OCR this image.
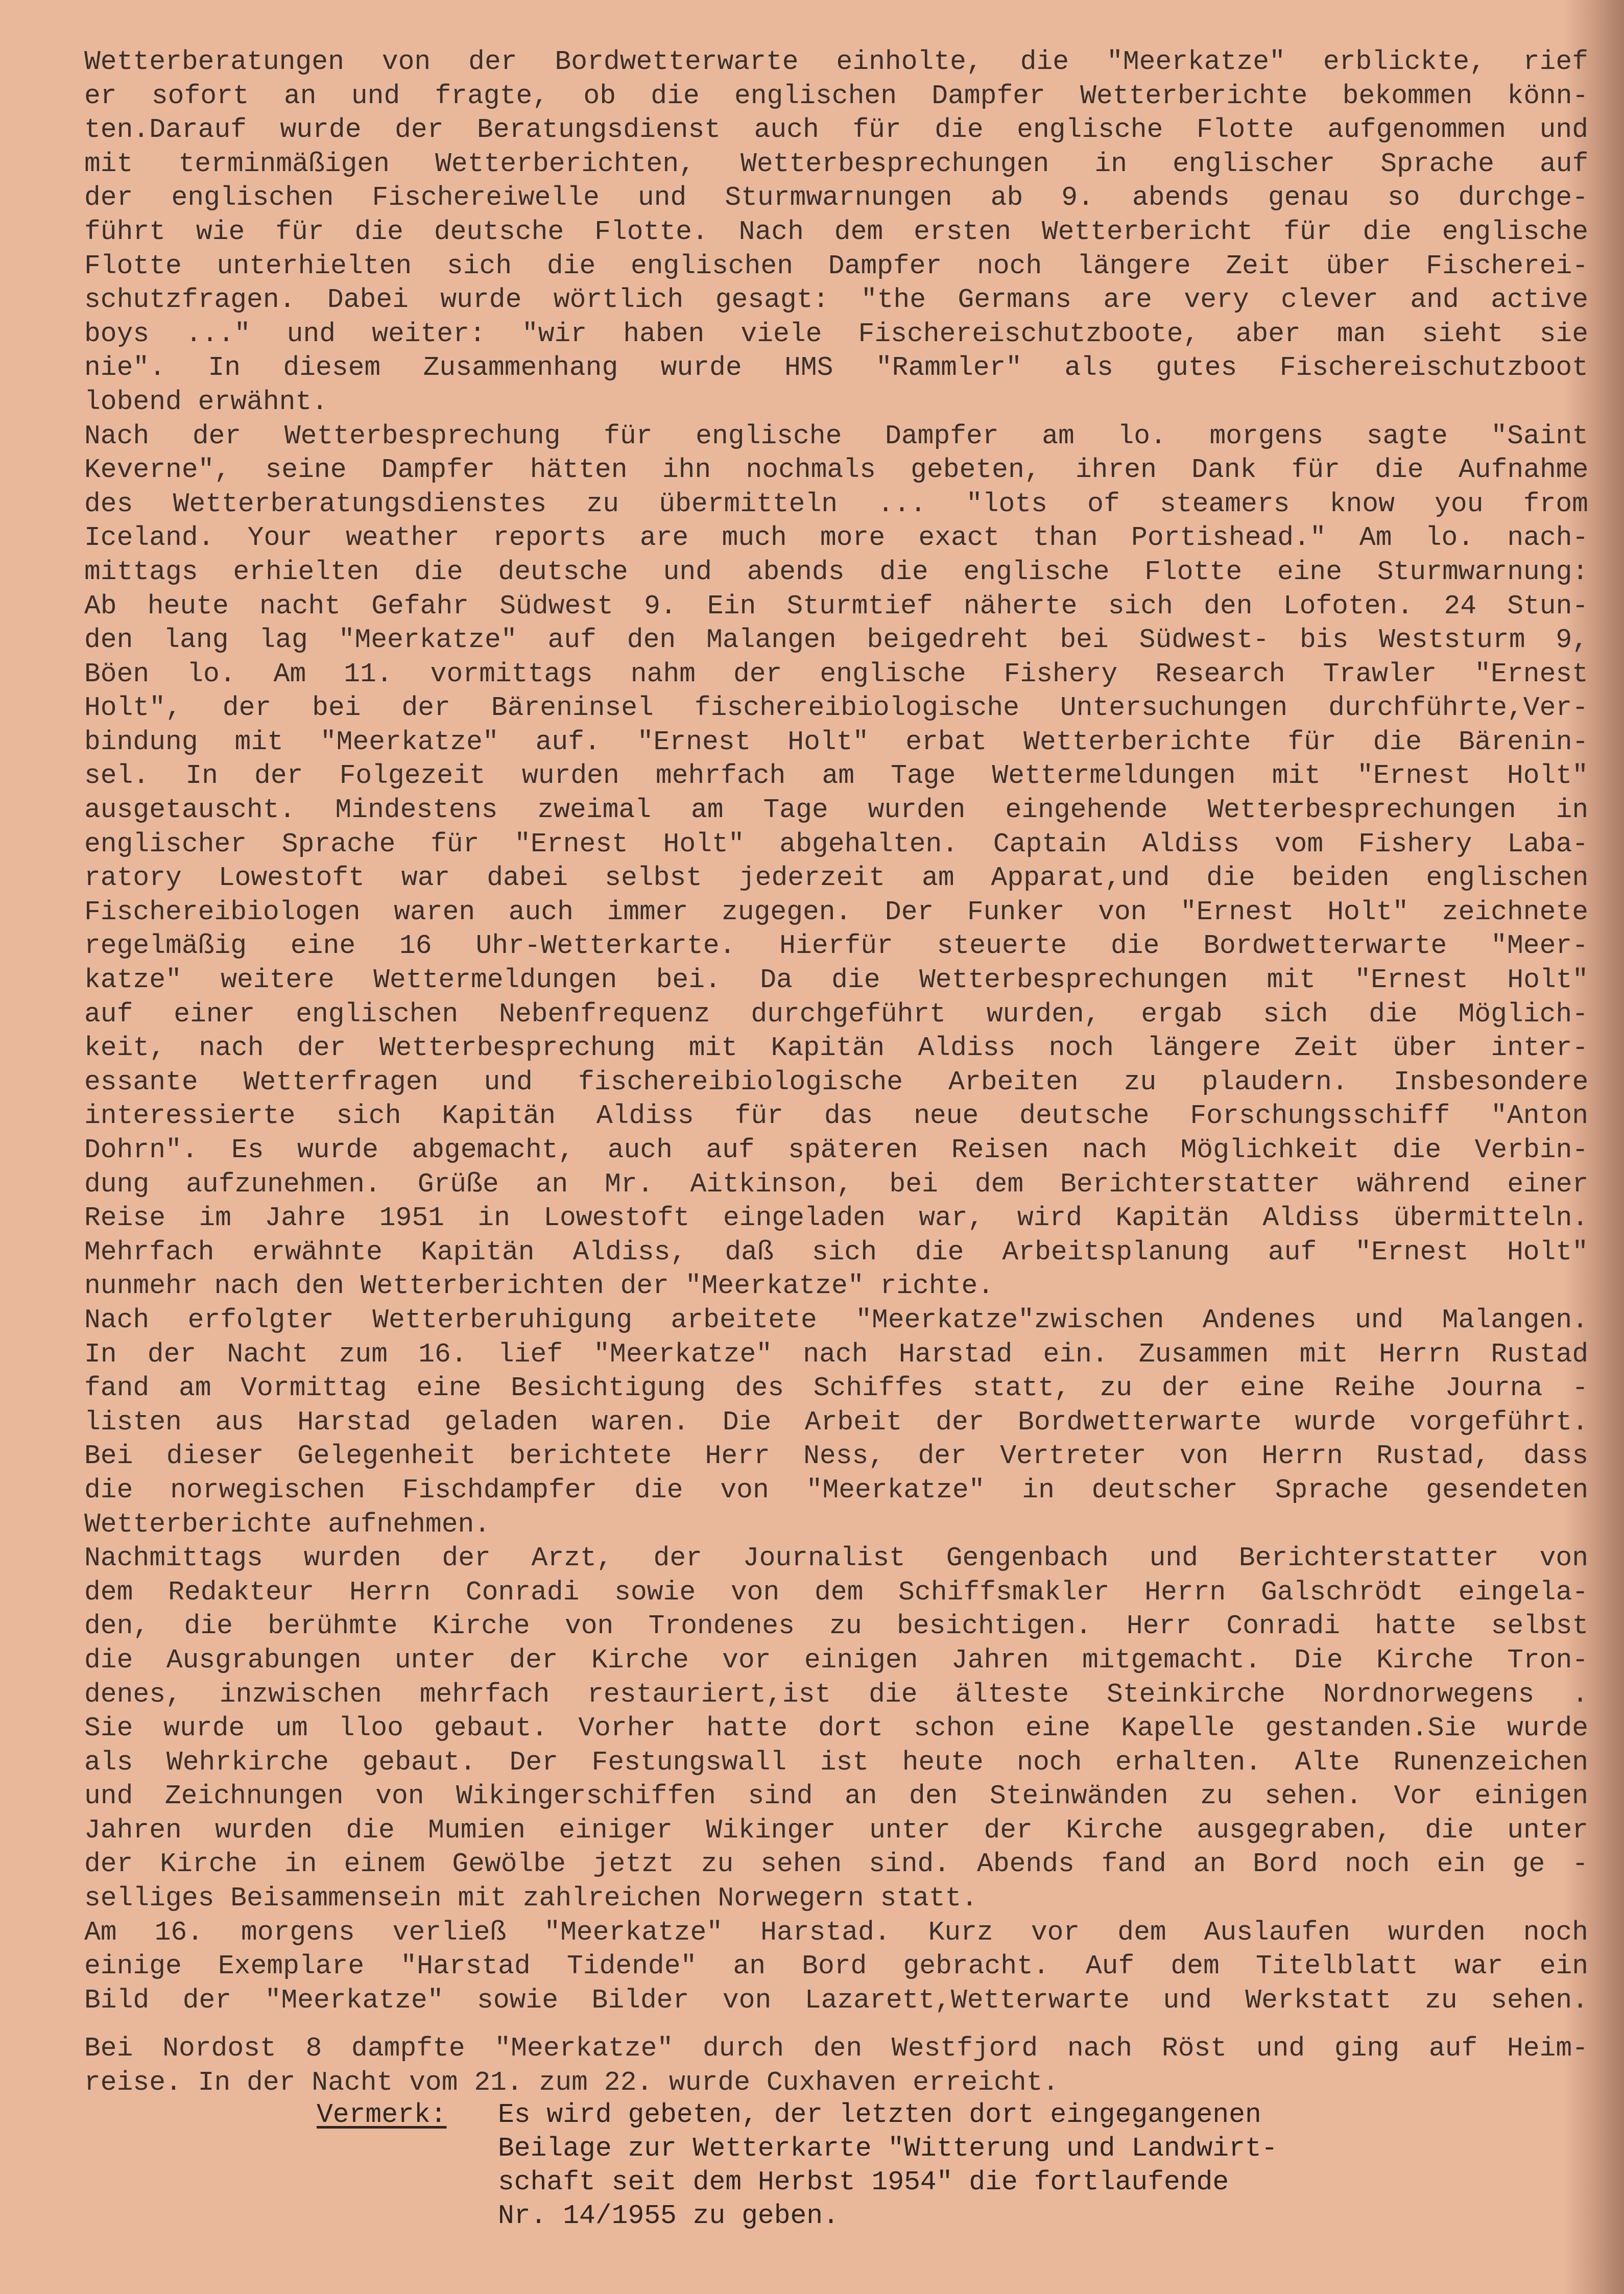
Wetterberatungen von der Bordwetterwarte einholte, die "Meerkatze" erblickte, rief
er sofort an und fragte, ob die englischen Dampfer Wetterberichte bekommen könn-
ten.Darauf wurde der Beratungsdienst auch für die englische Flotte aufgenommen und
mit terminmäßigen Wetterberichten, Wetterbesprechungen in englischer Sprache auf
der englischen Fischereiwelle und Sturmwarnungen ab 9. abends genau so durchge-
führt wie für die deutsche Flotte. Nach dem ersten Wetterbericht für die englische
Flotte unterhielten sich die englischen Dampfer noch längere Zeit über Fischerei-
schutzfragen. Dabei wurde wörtlich gesagt: "the Germans are very clever and active
boys ..." und weiter: "wir haben viele Fischereischutzboote, aber man sieht sie
nie". In diesem Zusammenhang wurde HMS "Rammler" als gutes Fischereischutzboot
lobend erwähnt.
Nach der Wetterbesprechung für englische Dampfer am lo. morgens sagte "Saint
Keverne", seine Dampfer hätten ihn nochmals gebeten, ihren Dank für die Aufnahme
des Wetterberatungsdienstes zu übermitteln ... "lots of steamers know you from
Iceland. Your weather reports are much more exact than Portishead." Am lo. nach-
mittags erhielten die deutsche und abends die englische Flotte eine Sturmwarnung:
Ab heute nacht Gefahr Südwest 9. Ein Sturmtief näherte sich den Lofoten. 24 Stun-
den lang lag "Meerkatze" auf den Malangen beigedreht bei Südwest- bis Weststurm 9,
Böen lo. Am 11. vormittags nahm der englische Fishery Research Trawler "Ernest
Holt", der bei der Bäreninsel fischereibiologische Untersuchungen durchführte,Ver-
bindung mit "Meerkatze" auf. "Ernest Holt" erbat Wetterberichte für die Bärenin-
sel. In der Folgezeit wurden mehrfach am Tage Wettermeldungen mit "Ernest Holt"
ausgetauscht. Mindestens zweimal am Tage wurden eingehende Wetterbesprechungen in
englischer Sprache für "Ernest Holt" abgehalten. Captain Aldiss vom Fishery Laba-
ratory Lowestoft war dabei selbst jederzeit am Apparat,und die beiden englischen
Fischereibiologen waren auch immer zugegen. Der Funker von "Ernest Holt" zeichnete
regelmäßig eine 16 Uhr-Wetterkarte. Hierfür steuerte die Bordwetterwarte "Meer-
katze" weitere Wettermeldungen bei. Da die Wetterbesprechungen mit "Ernest Holt"
auf einer englischen Nebenfrequenz durchgeführt wurden, ergab sich die Möglich-
keit, nach der Wetterbesprechung mit Kapitän Aldiss noch längere Zeit über inter-
essante Wetterfragen und fischereibiologische Arbeiten zu plaudern. Insbesondere
interessierte sich Kapitän Aldiss für das neue deutsche Forschungsschiff "Anton
Dohrn". Es wurde abgemacht, auch auf späteren Reisen nach Möglichkeit die Verbin-
dung aufzunehmen. Grüße an Mr. Aitkinson, bei dem Berichterstatter während einer
Reise im Jahre 1951 in Lowestoft eingeladen war, wird Kapitän Aldiss übermitteln.
Mehrfach erwähnte Kapitän Aldiss, daß sich die Arbeitsplanung auf "Ernest Holt"
nunmehr nach den Wetterberichten der "Meerkatze" richte.
Nach erfolgter Wetterberuhigung arbeitete "Meerkatze"zwischen Andenes und Malangen.
In der Nacht zum 16. lief "Meerkatze" nach Harstad ein. Zusammen mit Herrn Rustad
fand am Vormittag eine Besichtigung des Schiffes statt, zu der eine Reihe Journa -
listen aus Harstad geladen waren. Die Arbeit der Bordwetterwarte wurde vorgeführt.
Bei dieser Gelegenheit berichtete Herr Ness, der Vertreter von Herrn Rustad, dass
die norwegischen Fischdampfer die von "Meerkatze" in deutscher Sprache gesendeten
Wetterberichte aufnehmen.
Nachmittags wurden der Arzt, der Journalist Gengenbach und Berichterstatter von
dem Redakteur Herrn Conradi sowie von dem Schiffsmakler Herrn Galschrödt eingela-
den, die berühmte Kirche von Trondenes zu besichtigen. Herr Conradi hatte selbst
die Ausgrabungen unter der Kirche vor einigen Jahren mitgemacht. Die Kirche Tron-
denes, inzwischen mehrfach restauriert,ist die älteste Steinkirche Nordnorwegens .
Sie wurde um lloo gebaut. Vorher hatte dort schon eine Kapelle gestanden.Sie wurde
als Wehrkirche gebaut. Der Festungswall ist heute noch erhalten. Alte Runenzeichen
und Zeichnungen von Wikingerschiffen sind an den Steinwänden zu sehen. Vor einigen
Jahren wurden die Mumien einiger Wikinger unter der Kirche ausgegraben, die unter
der Kirche in einem Gewölbe jetzt zu sehen sind. Abends fand an Bord noch ein ge -
selliges Beisammensein mit zahlreichen Norwegern statt.
Am 16. morgens verließ "Meerkatze" Harstad. Kurz vor dem Auslaufen wurden noch
einige Exemplare "Harstad Tidende" an Bord gebracht. Auf dem Titelblatt war ein
Bild der "Meerkatze" sowie Bilder von Lazarett,Wetterwarte und Werkstatt zu sehen.
Bei Nordost 8 dampfte "Meerkatze" durch den Westfjord nach Röst und ging auf Heim-
reise. In der Nacht vom 21. zum 22. wurde Cuxhaven erreicht.
Vermerk: Es wird gebeten, der letzten dort eingegangenen
Beilage zur Wetterkarte "Witterung und Landwirt-
schaft seit dem Herbst 1954" die fortlaufende
Nr. 14/1955 zu geben.
